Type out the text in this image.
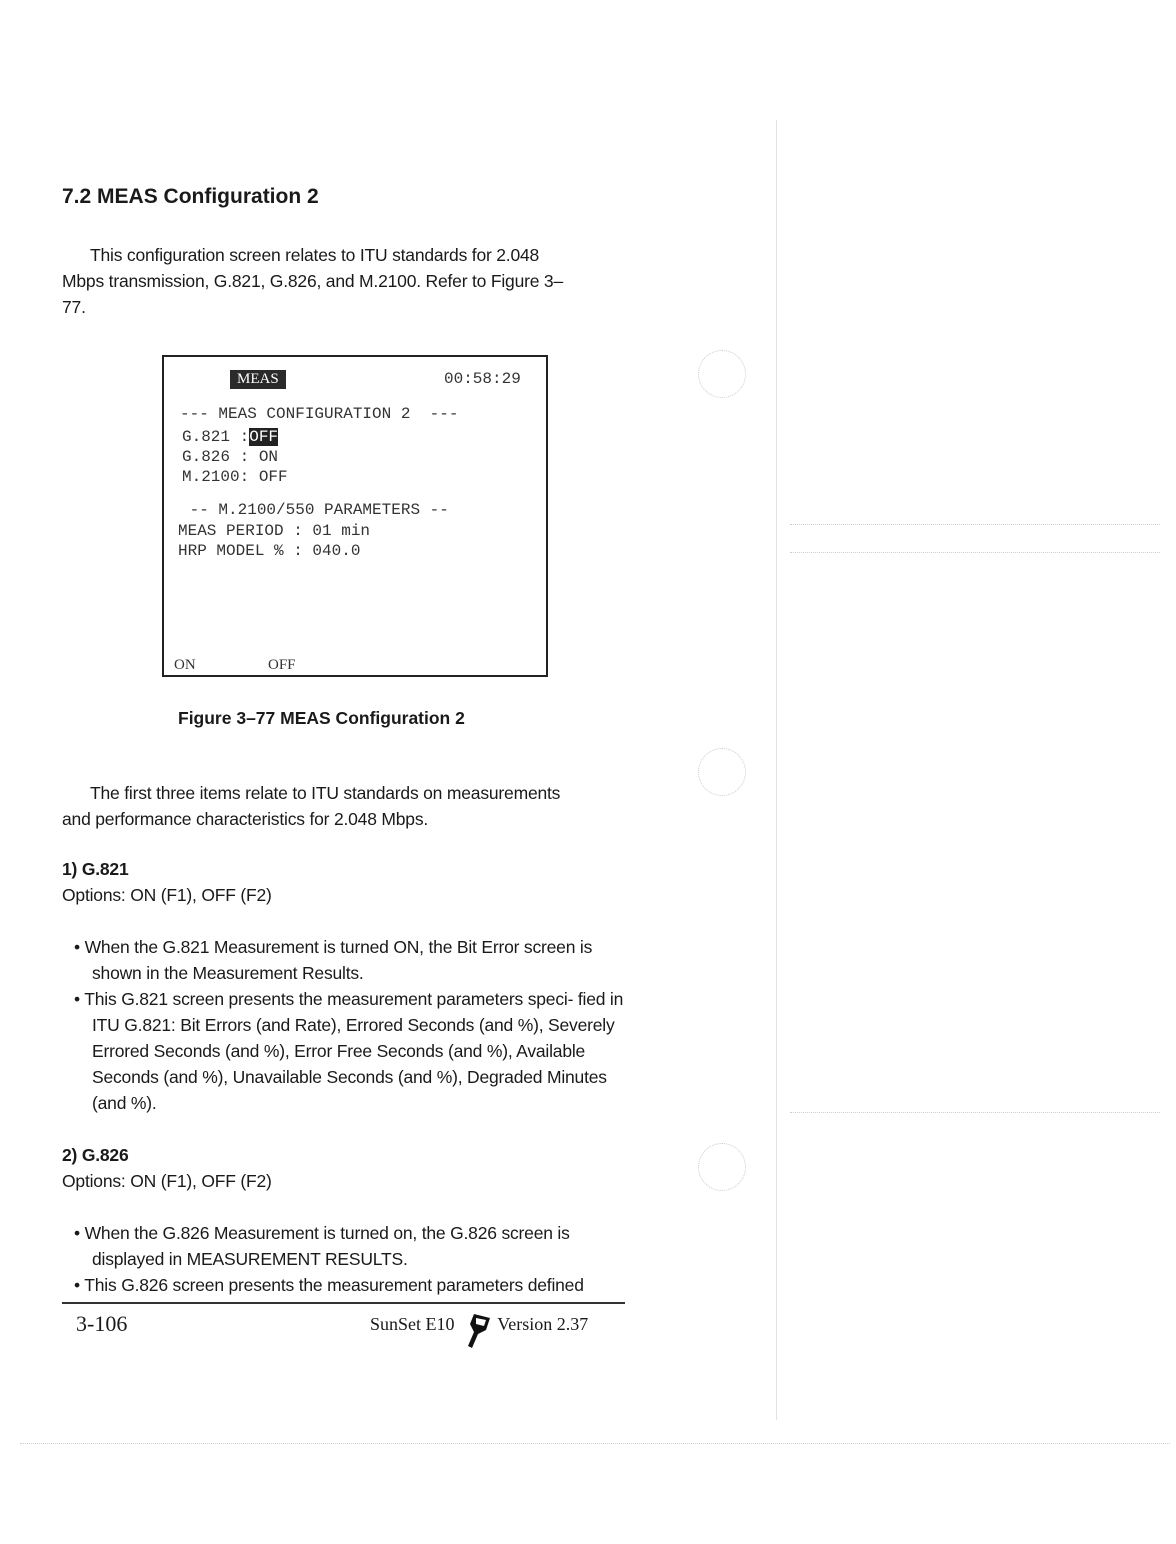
7.2 MEAS Configuration 2
This configuration screen relates to ITU standards for 2.048
Mbps transmission, G.821, G.826, and M.2100. Refer to Figure 3–
77.
MEAS	00:58:29
--- MEAS CONFIGURATION 2  ---
G.821 :OFF
G.826 : ON
M.2100: OFF
-- M.2100/550 PARAMETERS --
MEAS PERIOD : 01 min
HRP MODEL % : 040.0
ON	OFF
Figure 3–77 MEAS Configuration 2
The first three items relate to ITU standards on measurements
and performance characteristics for 2.048 Mbps.
1) G.821
Options: ON (F1), OFF (F2)
• When the G.821 Measurement is turned ON, the Bit Error screen is shown in the Measurement Results.
• This G.821 screen presents the measurement parameters speci- fied in ITU G.821: Bit Errors (and Rate), Errored Seconds (and %), Severely Errored Seconds (and %), Error Free Seconds (and %), Available Seconds (and %), Unavailable Seconds (and %), Degraded Minutes (and %).
2) G.826
Options: ON (F1), OFF (F2)
• When the G.826 Measurement is turned on, the G.826 screen is displayed in MEASUREMENT RESULTS.
• This G.826 screen presents the measurement parameters defined
3-106	SunSet E10 Version 2.37
